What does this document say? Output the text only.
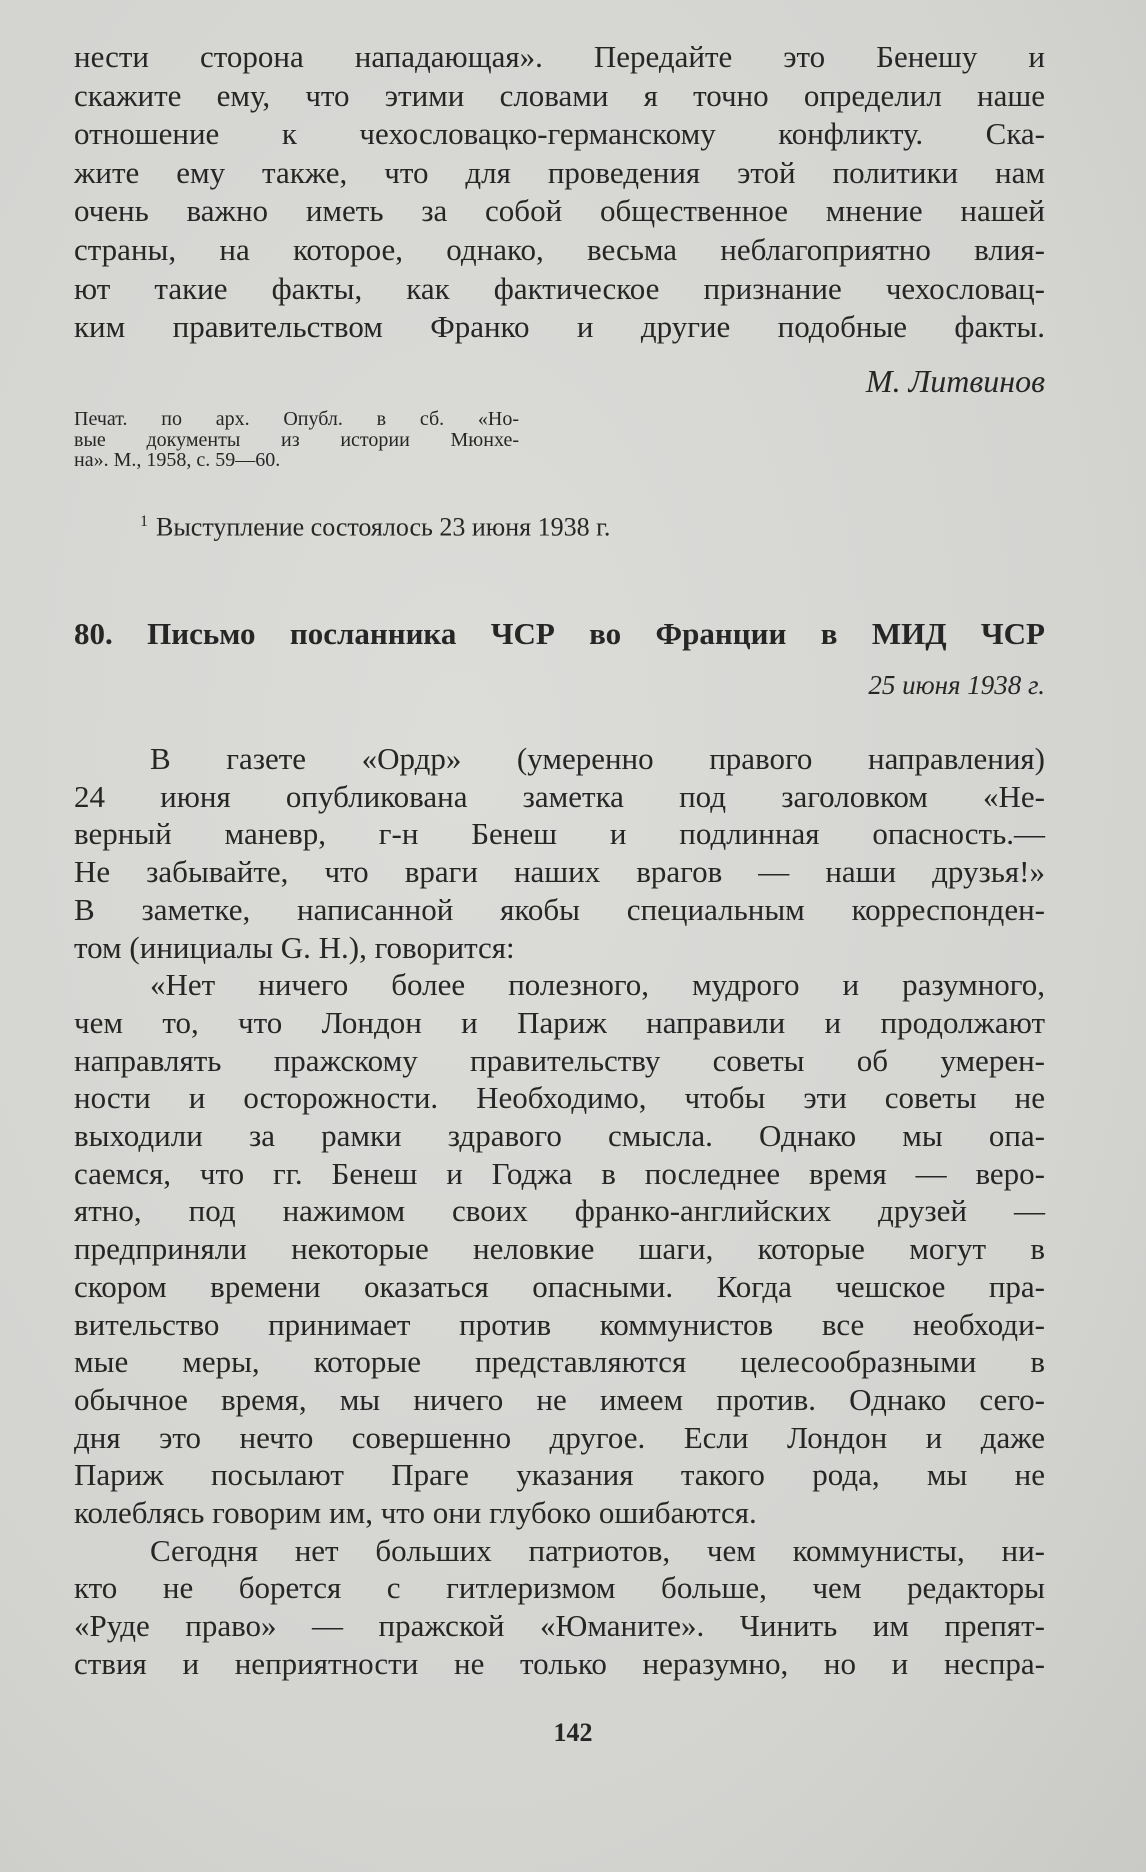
нести сторона нападающая». Передайте это Бенешу и
скажите ему, что этими словами я точно определил наше
отношение к чехословацко-германскому конфликту. Ска-
жите ему также, что для проведения этой политики нам
очень важно иметь за собой общественное мнение нашей
страны, на которое, однако, весьма неблагоприятно влия-
ют такие факты, как фактическое признание чехословац-
ким правительством Франко и другие подобные факты.
М. Литвинов
Печат. по арх. Опубл. в сб. «Но-
вые документы из истории Мюнхе-
на». М., 1958, с. 59—60.
$^1$ Выступление состоялось 23 июня 1938 г.
80. Письмо посланника ЧСР во Франции в МИД ЧСР
25 июня 1938 г.
В газете «Ордр» (умеренно правого направления)
24 июня опубликована заметка под заголовком «Не-
верный маневр, г-н Бенеш и подлинная опасность.—
Не забывайте, что враги наших врагов — наши друзья!»
В заметке, написанной якобы специальным корреспонден-
том (инициалы G. H.), говорится:
«Нет ничего более полезного, мудрого и разумного,
чем то, что Лондон и Париж направили и продолжают
направлять пражскому правительству советы об умерен-
ности и осторожности. Необходимо, чтобы эти советы не
выходили за рамки здравого смысла. Однако мы опа-
саемся, что гг. Бенеш и Годжа в последнее время — веро-
ятно, под нажимом своих франко-английских друзей —
предприняли некоторые неловкие шаги, которые могут в
скором времени оказаться опасными. Когда чешское пра-
вительство принимает против коммунистов все необходи-
мые меры, которые представляются целесообразными в
обычное время, мы ничего не имеем против. Однако сего-
дня это нечто совершенно другое. Если Лондон и даже
Париж посылают Праге указания такого рода, мы не
колеблясь говорим им, что они глубоко ошибаются.
Сегодня нет больших патриотов, чем коммунисты, ни-
кто не борется с гитлеризмом больше, чем редакторы
«Руде право» — пражской «Юманите». Чинить им препят-
ствия и неприятности не только неразумно, но и неспра-
142
